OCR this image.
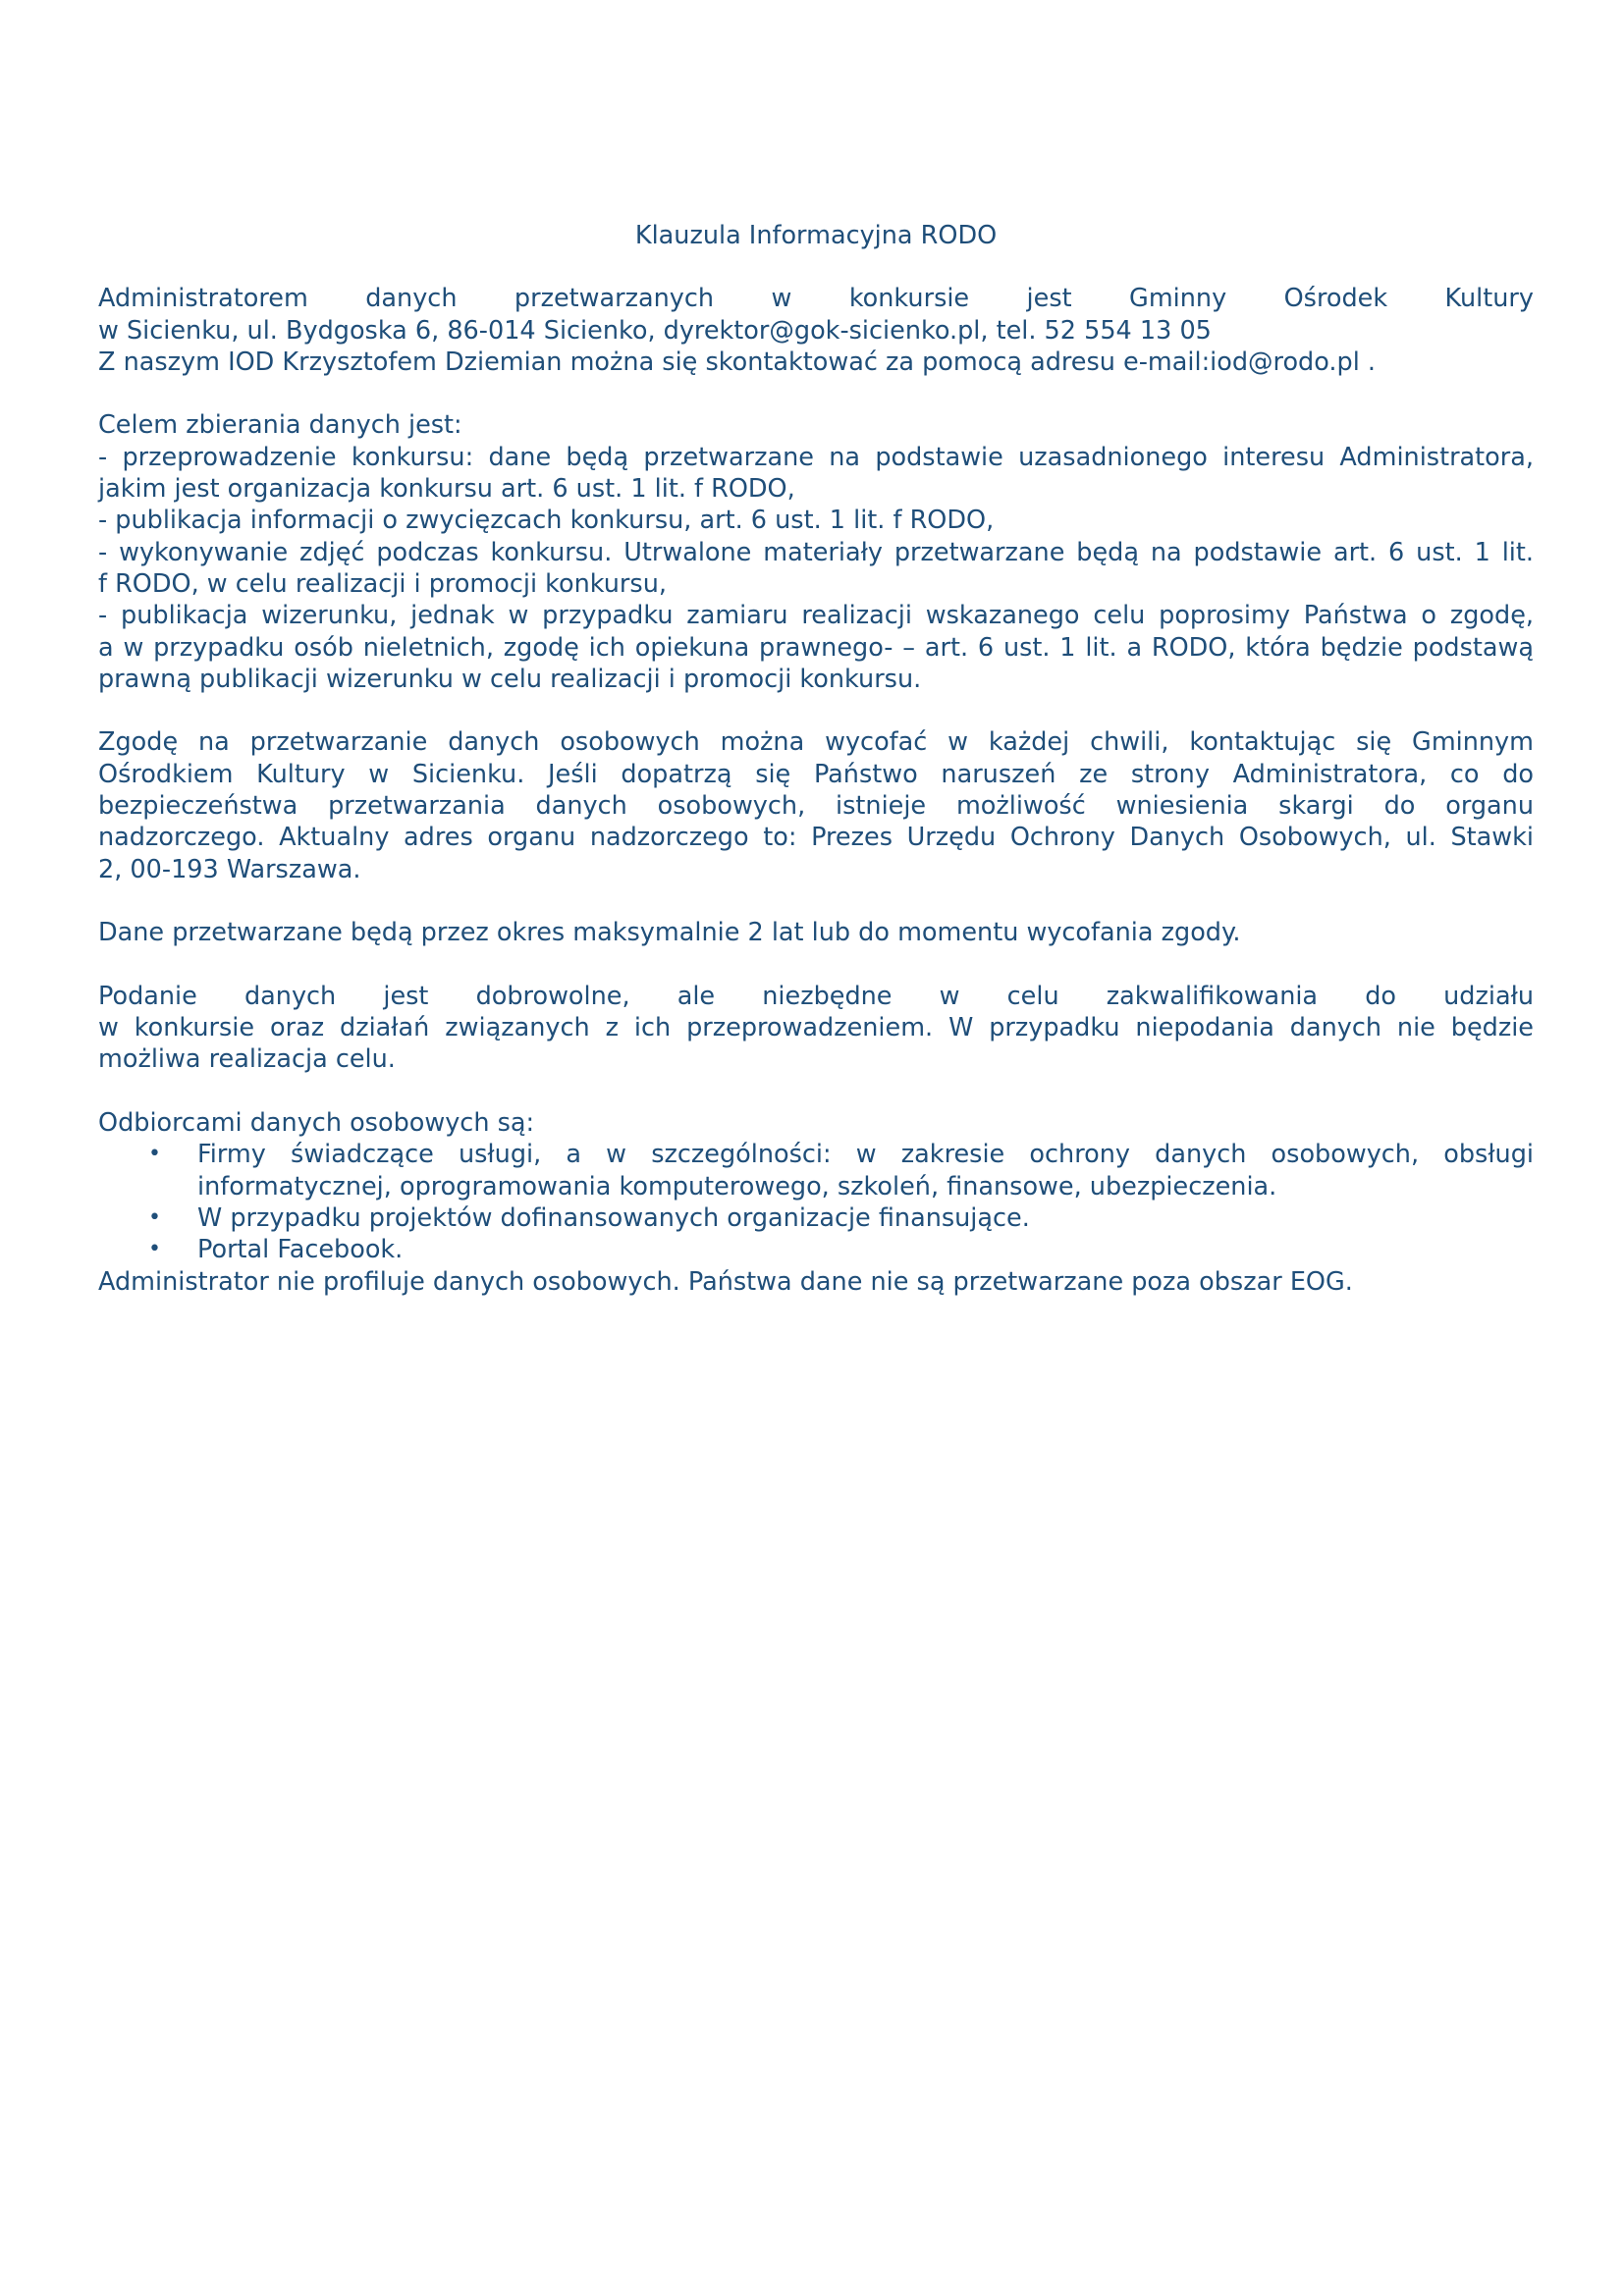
Klauzula Informacyjna RODO
Administratorem danych przetwarzanych w konkursie jest Gminny Ośrodek Kultury
w Sicienku, ul. Bydgoska 6, 86-014 Sicienko, dyrektor@gok-sicienko.pl, tel. 52 554 13 05
Z naszym IOD Krzysztofem Dziemian można się skontaktować za pomocą adresu e-mail:iod@rodo.pl .
Celem zbierania danych jest:
- przeprowadzenie konkursu: dane będą przetwarzane na podstawie uzasadnionego interesu Administratora,
jakim jest organizacja konkursu art. 6 ust. 1 lit. f RODO,
- publikacja informacji o zwycięzcach konkursu, art. 6 ust. 1 lit. f RODO,
- wykonywanie zdjęć podczas konkursu. Utrwalone materiały przetwarzane będą na podstawie art. 6 ust. 1 lit.
f RODO, w celu realizacji i promocji konkursu,
- publikacja wizerunku, jednak w przypadku zamiaru realizacji wskazanego celu poprosimy Państwa o zgodę,
a w przypadku osób nieletnich, zgodę ich opiekuna prawnego- – art. 6 ust. 1 lit. a RODO, która będzie podstawą
prawną publikacji wizerunku w celu realizacji i promocji konkursu.
Zgodę na przetwarzanie danych osobowych można wycofać w każdej chwili, kontaktując się Gminnym
Ośrodkiem Kultury w Sicienku. Jeśli dopatrzą się Państwo naruszeń ze strony Administratora, co do
bezpieczeństwa przetwarzania danych osobowych, istnieje możliwość wniesienia skargi do organu
nadzorczego. Aktualny adres organu nadzorczego to: Prezes Urzędu Ochrony Danych Osobowych, ul. Stawki
2, 00-193 Warszawa.
Dane przetwarzane będą przez okres maksymalnie 2 lat lub do momentu wycofania zgody.
Podanie danych jest dobrowolne, ale niezbędne w celu zakwalifikowania do udziału
w konkursie oraz działań związanych z ich przeprowadzeniem. W przypadku niepodania danych nie będzie
możliwa realizacja celu.
Odbiorcami danych osobowych są:
• Firmy świadczące usługi, a w szczególności: w zakresie ochrony danych osobowych, obsługi
informatycznej, oprogramowania komputerowego, szkoleń, finansowe, ubezpieczenia.
• W przypadku projektów dofinansowanych organizacje finansujące.
• Portal Facebook.
Administrator nie profiluje danych osobowych. Państwa dane nie są przetwarzane poza obszar EOG.
